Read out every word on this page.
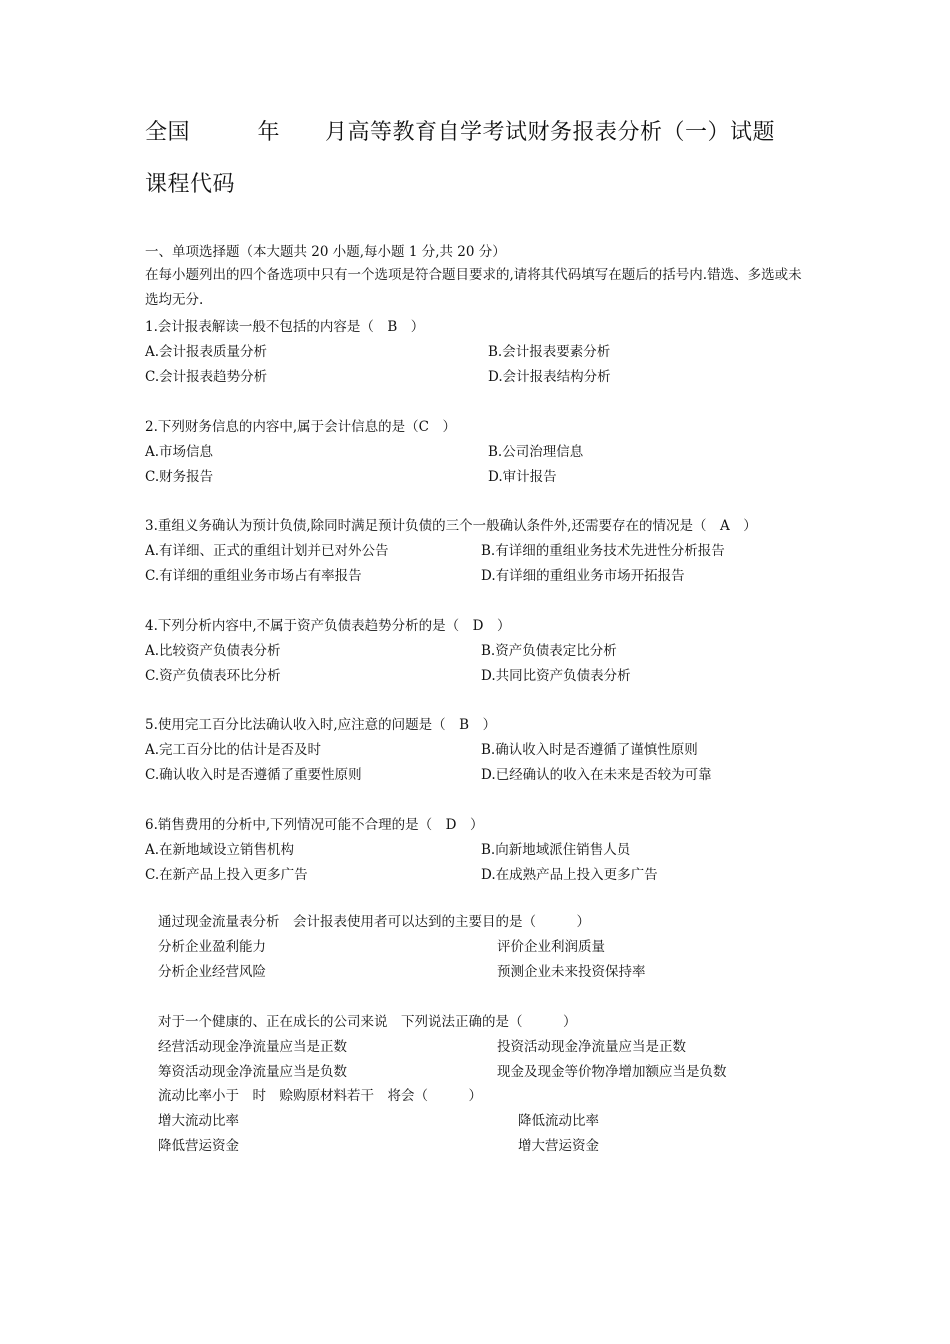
全国　　　年　　月高等教育自学考试财务报表分析（一）试题
课程代码
一、单项选择题（本大题共 20 小题,每小题 1 分,共 20 分）
在每小题列出的四个备选项中只有一个选项是符合题目要求的,请将其代码填写在题后的括号内.错选、多选或未选均无分.
1.会计报表解读一般不包括的内容是（　B　）
A.会计报表质量分析	B.会计报表要素分析
C.会计报表趋势分析	D.会计报表结构分析
2.下列财务信息的内容中,属于会计信息的是（C　）
A.市场信息	B.公司治理信息
C.财务报告	D.审计报告
3.重组义务确认为预计负债,除同时满足预计负债的三个一般确认条件外,还需要存在的情况是（　A　）
A.有详细、正式的重组计划并已对外公告	B.有详细的重组业务技术先进性分析报告
C.有详细的重组业务市场占有率报告	D.有详细的重组业务市场开拓报告
4.下列分析内容中,不属于资产负债表趋势分析的是（　D　）
A.比较资产负债表分析	B.资产负债表定比分析
C.资产负债表环比分析	D.共同比资产负债表分析
5.使用完工百分比法确认收入时,应注意的问题是（　B　）
A.完工百分比的估计是否及时	B.确认收入时是否遵循了谨慎性原则
C.确认收入时是否遵循了重要性原则	D.已经确认的收入在未来是否较为可靠
6.销售费用的分析中,下列情况可能不合理的是（　D　）
A.在新地域设立销售机构	B.向新地域派住销售人员
C.在新产品上投入更多广告	D.在成熟产品上投入更多广告
通过现金流量表分析　会计报表使用者可以达到的主要目的是（　　　）
分析企业盈利能力	评价企业利润质量
分析企业经营风险	预测企业未来投资保持率
对于一个健康的、正在成长的公司来说　下列说法正确的是（　　　）
经营活动现金净流量应当是正数	投资活动现金净流量应当是正数
筹资活动现金净流量应当是负数	现金及现金等价物净增加额应当是负数
流动比率小于　时　赊购原材料若干　将会（　　　）
增大流动比率	降低流动比率
降低营运资金	增大营运资金
